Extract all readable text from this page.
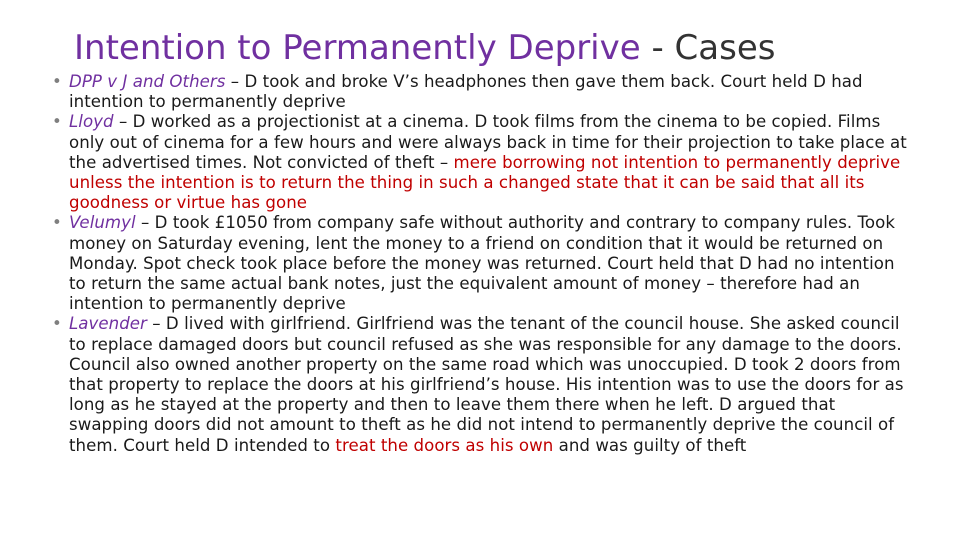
Intention to Permanently Deprive - Cases
• DPP v J and Others – D took and broke V’s headphones then gave them back. Court held D had intention to permanently deprive
• Lloyd – D worked as a projectionist at a cinema. D took films from the cinema to be copied. Films only out of cinema for a few hours and were always back in time for their projection to take place at the advertised times. Not convicted of theft – mere borrowing not intention to permanently deprive unless the intention is to return the thing in such a changed state that it can be said that all its goodness or virtue has gone
• Velumyl – D took £1050 from company safe without authority and contrary to company rules. Took money on Saturday evening, lent the money to a friend on condition that it would be returned on Monday. Spot check took place before the money was returned. Court held that D had no intention to return the same actual bank notes, just the equivalent amount of money – therefore had an intention to permanently deprive
• Lavender – D lived with girlfriend. Girlfriend was the tenant of the council house. She asked council to replace damaged doors but council refused as she was responsible for any damage to the doors. Council also owned another property on the same road which was unoccupied. D took 2 doors from that property to replace the doors at his girlfriend’s house. His intention was to use the doors for as long as he stayed at the property and then to leave them there when he left. D argued that swapping doors did not amount to theft as he did not intend to permanently deprive the council of them. Court held D intended to treat the doors as his own and was guilty of theft
